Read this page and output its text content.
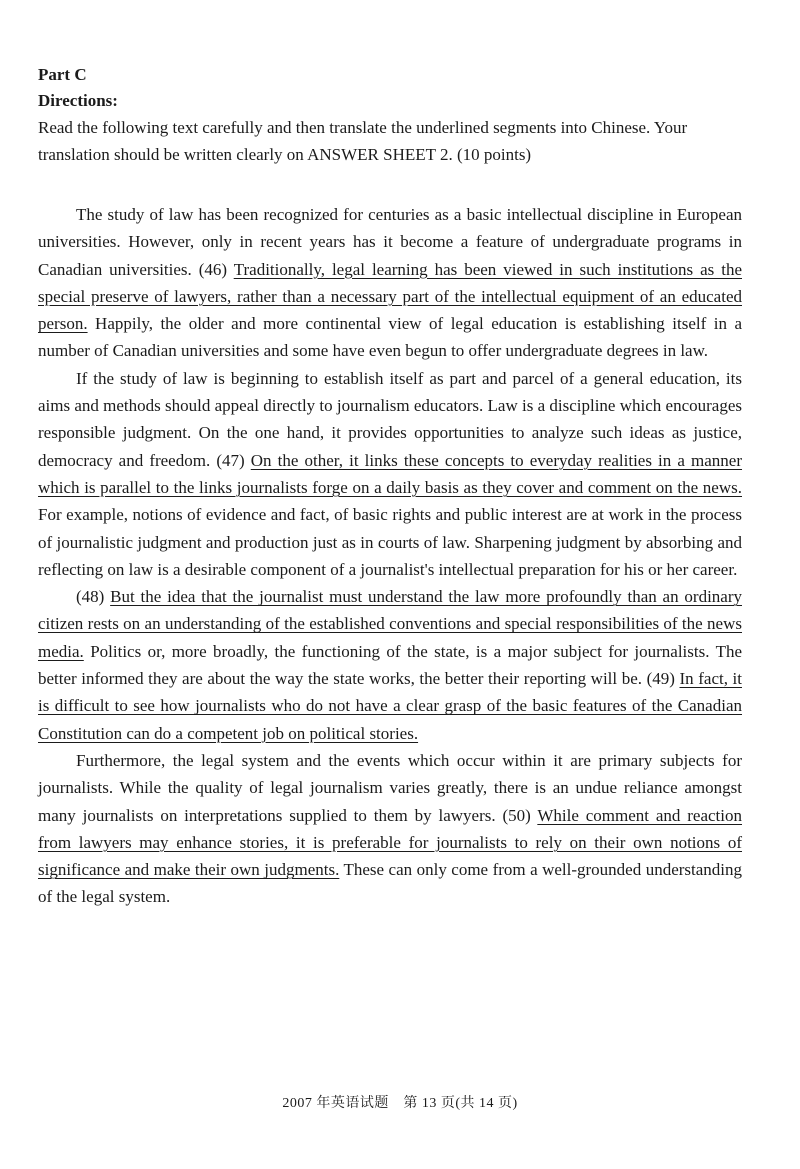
Part C

Directions:

Read the following text carefully and then translate the underlined segments into Chinese. Your translation should be written clearly on ANSWER SHEET 2. (10 points)

The study of law has been recognized for centuries as a basic intellectual discipline in European universities. However, only in recent years has it become a feature of undergraduate programs in Canadian universities. (46) Traditionally, legal learning has been viewed in such institutions as the special preserve of lawyers, rather than a necessary part of the intellectual equipment of an educated person. Happily, the older and more continental view of legal education is establishing itself in a number of Canadian universities and some have even begun to offer undergraduate degrees in law.

If the study of law is beginning to establish itself as part and parcel of a general education, its aims and methods should appeal directly to journalism educators. Law is a discipline which encourages responsible judgment. On the one hand, it provides opportunities to analyze such ideas as justice, democracy and freedom. (47) On the other, it links these concepts to everyday realities in a manner which is parallel to the links journalists forge on a daily basis as they cover and comment on the news. For example, notions of evidence and fact, of basic rights and public interest are at work in the process of journalistic judgment and production just as in courts of law. Sharpening judgment by absorbing and reflecting on law is a desirable component of a journalist's intellectual preparation for his or her career.

(48) But the idea that the journalist must understand the law more profoundly than an ordinary citizen rests on an understanding of the established conventions and special responsibilities of the news media. Politics or, more broadly, the functioning of the state, is a major subject for journalists. The better informed they are about the way the state works, the better their reporting will be. (49) In fact, it is difficult to see how journalists who do not have a clear grasp of the basic features of the Canadian Constitution can do a competent job on political stories.

Furthermore, the legal system and the events which occur within it are primary subjects for journalists. While the quality of legal journalism varies greatly, there is an undue reliance amongst many journalists on interpretations supplied to them by lawyers. (50) While comment and reaction from lawyers may enhance stories, it is preferable for journalists to rely on their own notions of significance and make their own judgments. These can only come from a well-grounded understanding of the legal system.

2007 年英语试题　第 13 页(共 14 页)
